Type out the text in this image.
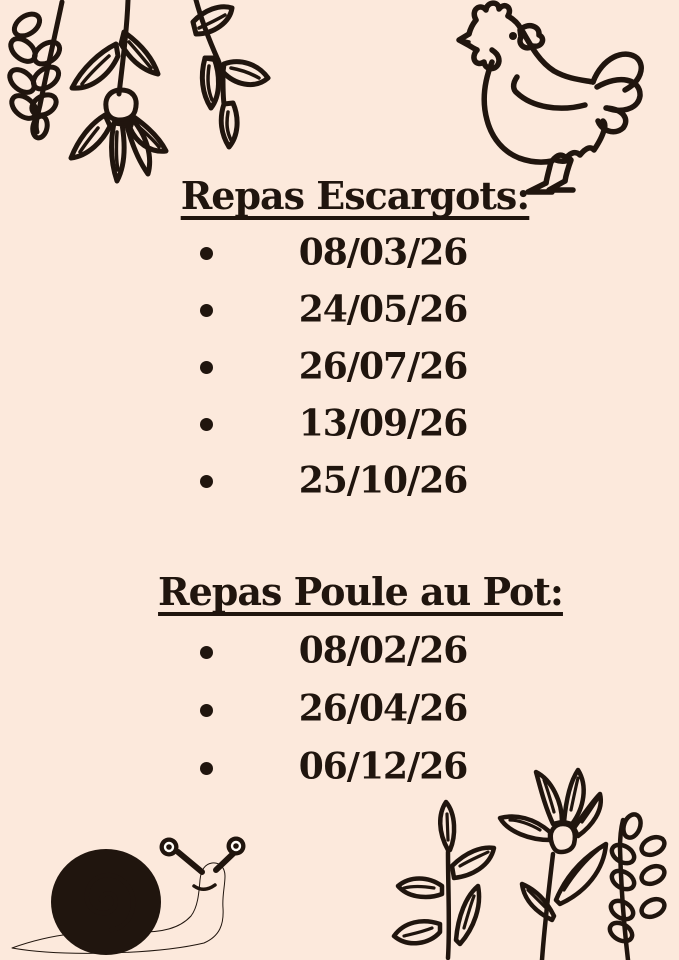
Repas Escargots:
08/03/26
24/05/26
26/07/26
13/09/26
25/10/26
Repas Poule au Pot:
08/02/26
26/04/26
06/12/26
